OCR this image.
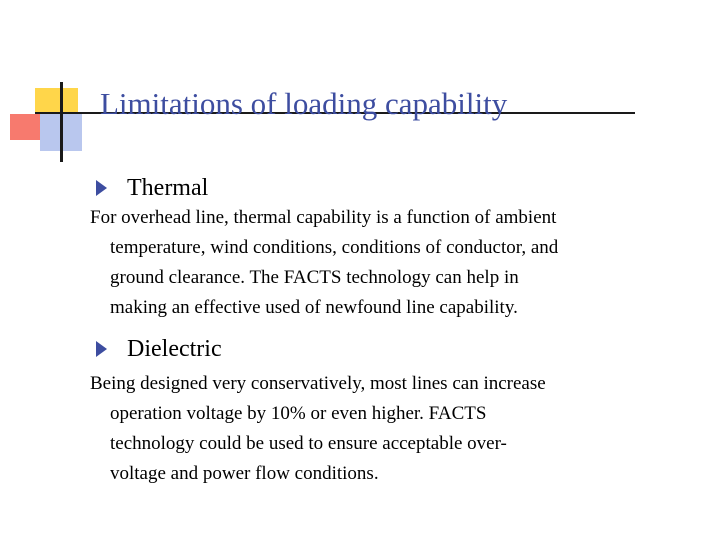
Limitations of loading capability
Thermal

For overhead line, thermal capability is a function of ambient
temperature, wind conditions, conditions of conductor, and
ground clearance. The FACTS technology can help in
making an effective used of newfound line capability.

Dielectric

Being designed very conservatively, most lines can increase
operation voltage by 10% or even higher. FACTS
technology could be used to ensure acceptable over-
voltage and power flow conditions.
